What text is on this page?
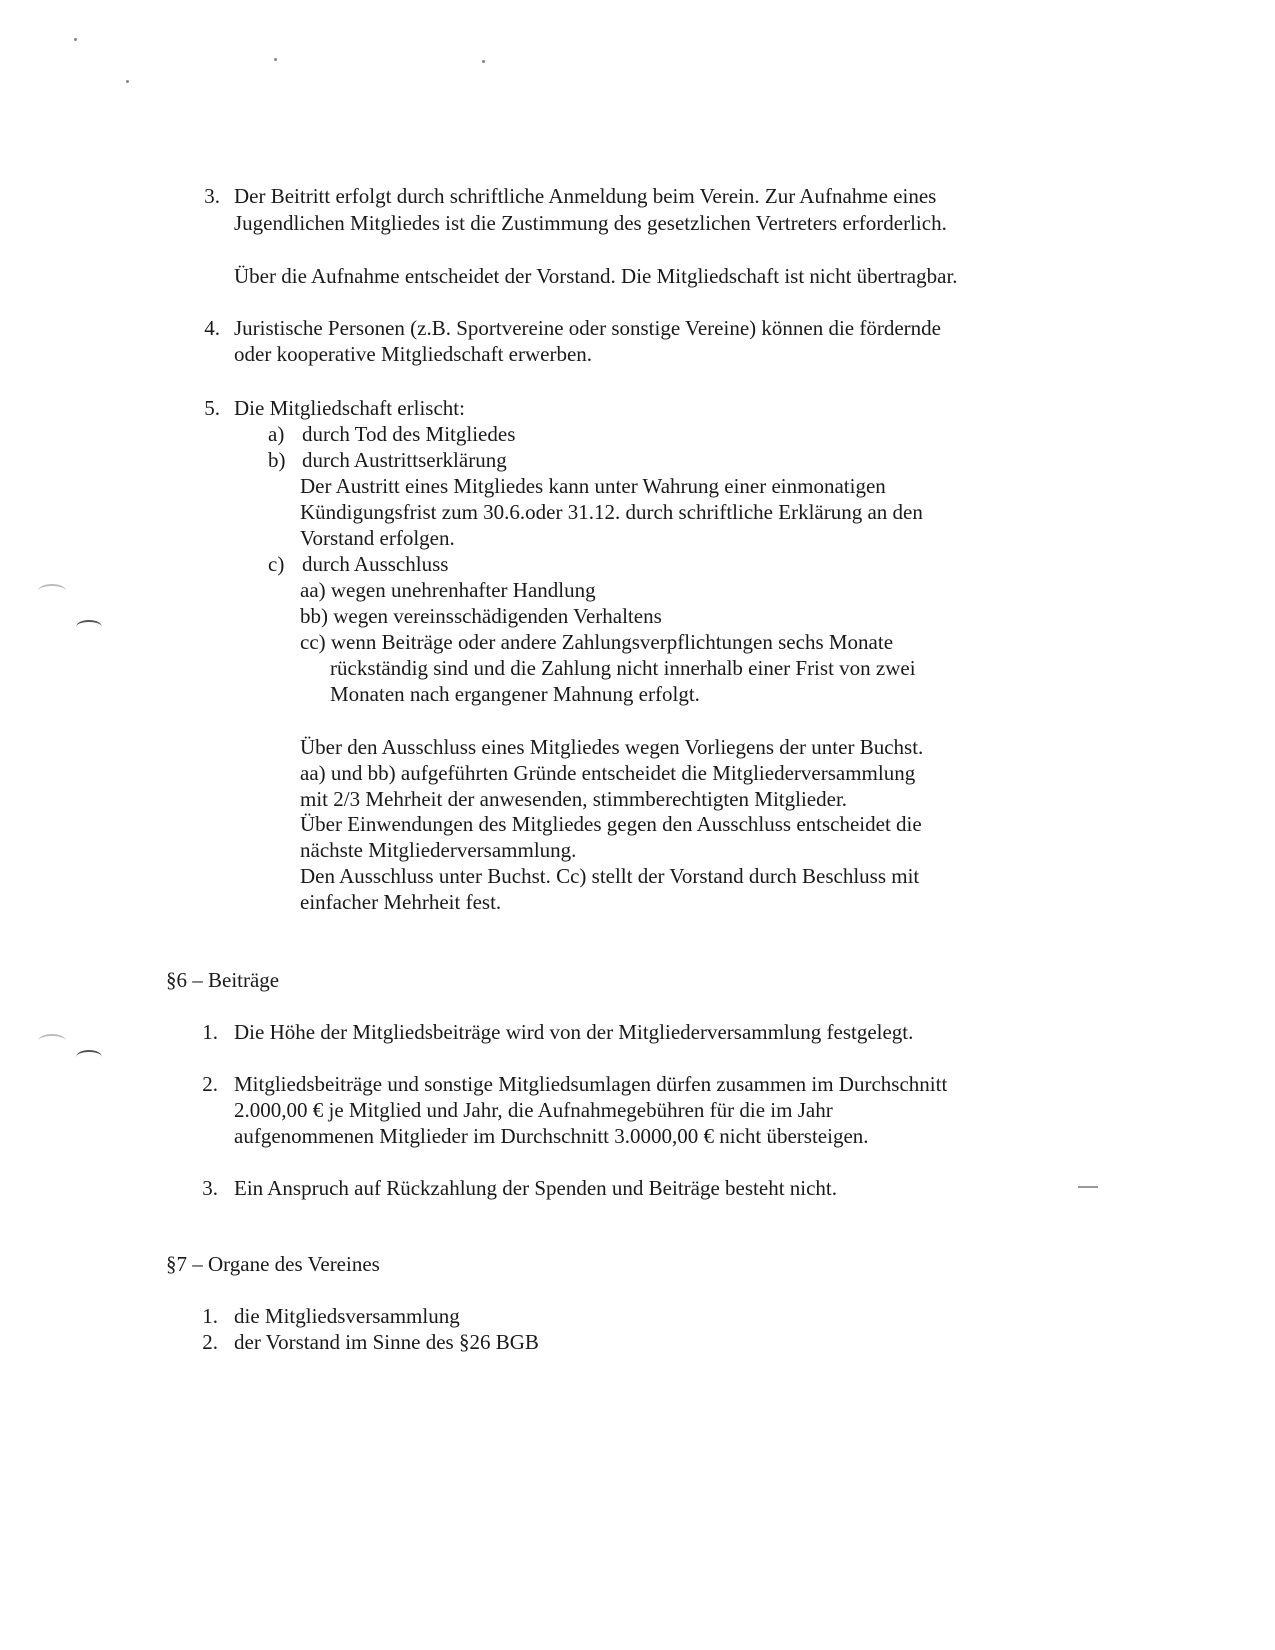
3. Der Beitritt erfolgt durch schriftliche Anmeldung beim Verein. Zur Aufnahme eines
Jugendlichen Mitgliedes ist die Zustimmung des gesetzlichen Vertreters erforderlich.
Über die Aufnahme entscheidet der Vorstand. Die Mitgliedschaft ist nicht übertragbar.
4. Juristische Personen (z.B. Sportvereine oder sonstige Vereine) können die fördernde
oder kooperative Mitgliedschaft erwerben.
5. Die Mitgliedschaft erlischt:
a) durch Tod des Mitgliedes
b) durch Austrittserklärung
Der Austritt eines Mitgliedes kann unter Wahrung einer einmonatigen
Kündigungsfrist zum 30.6.oder 31.12. durch schriftliche Erklärung an den
Vorstand erfolgen.
c) durch Ausschluss
aa) wegen unehrenhafter Handlung
bb) wegen vereinsschädigenden Verhaltens
cc) wenn Beiträge oder andere Zahlungsverpflichtungen sechs Monate
rückständig sind und die Zahlung nicht innerhalb einer Frist von zwei
Monaten nach ergangener Mahnung erfolgt.
Über den Ausschluss eines Mitgliedes wegen Vorliegens der unter Buchst.
aa) und bb) aufgeführten Gründe entscheidet die Mitgliederversammlung
mit 2/3 Mehrheit der anwesenden, stimmberechtigten Mitglieder.
Über Einwendungen des Mitgliedes gegen den Ausschluss entscheidet die
nächste Mitgliederversammlung.
Den Ausschluss unter Buchst. Cc) stellt der Vorstand durch Beschluss mit
einfacher Mehrheit fest.
§6 – Beiträge
1. Die Höhe der Mitgliedsbeiträge wird von der Mitgliederversammlung festgelegt.
2. Mitgliedsbeiträge und sonstige Mitgliedsumlagen dürfen zusammen im Durchschnitt
2.000,00 € je Mitglied und Jahr, die Aufnahmegebühren für die im Jahr
aufgenommenen Mitglieder im Durchschnitt 3.0000,00 € nicht übersteigen.
3. Ein Anspruch auf Rückzahlung der Spenden und Beiträge besteht nicht.
§7 – Organe des Vereines
1. die Mitgliedsversammlung
2. der Vorstand im Sinne des §26 BGB
